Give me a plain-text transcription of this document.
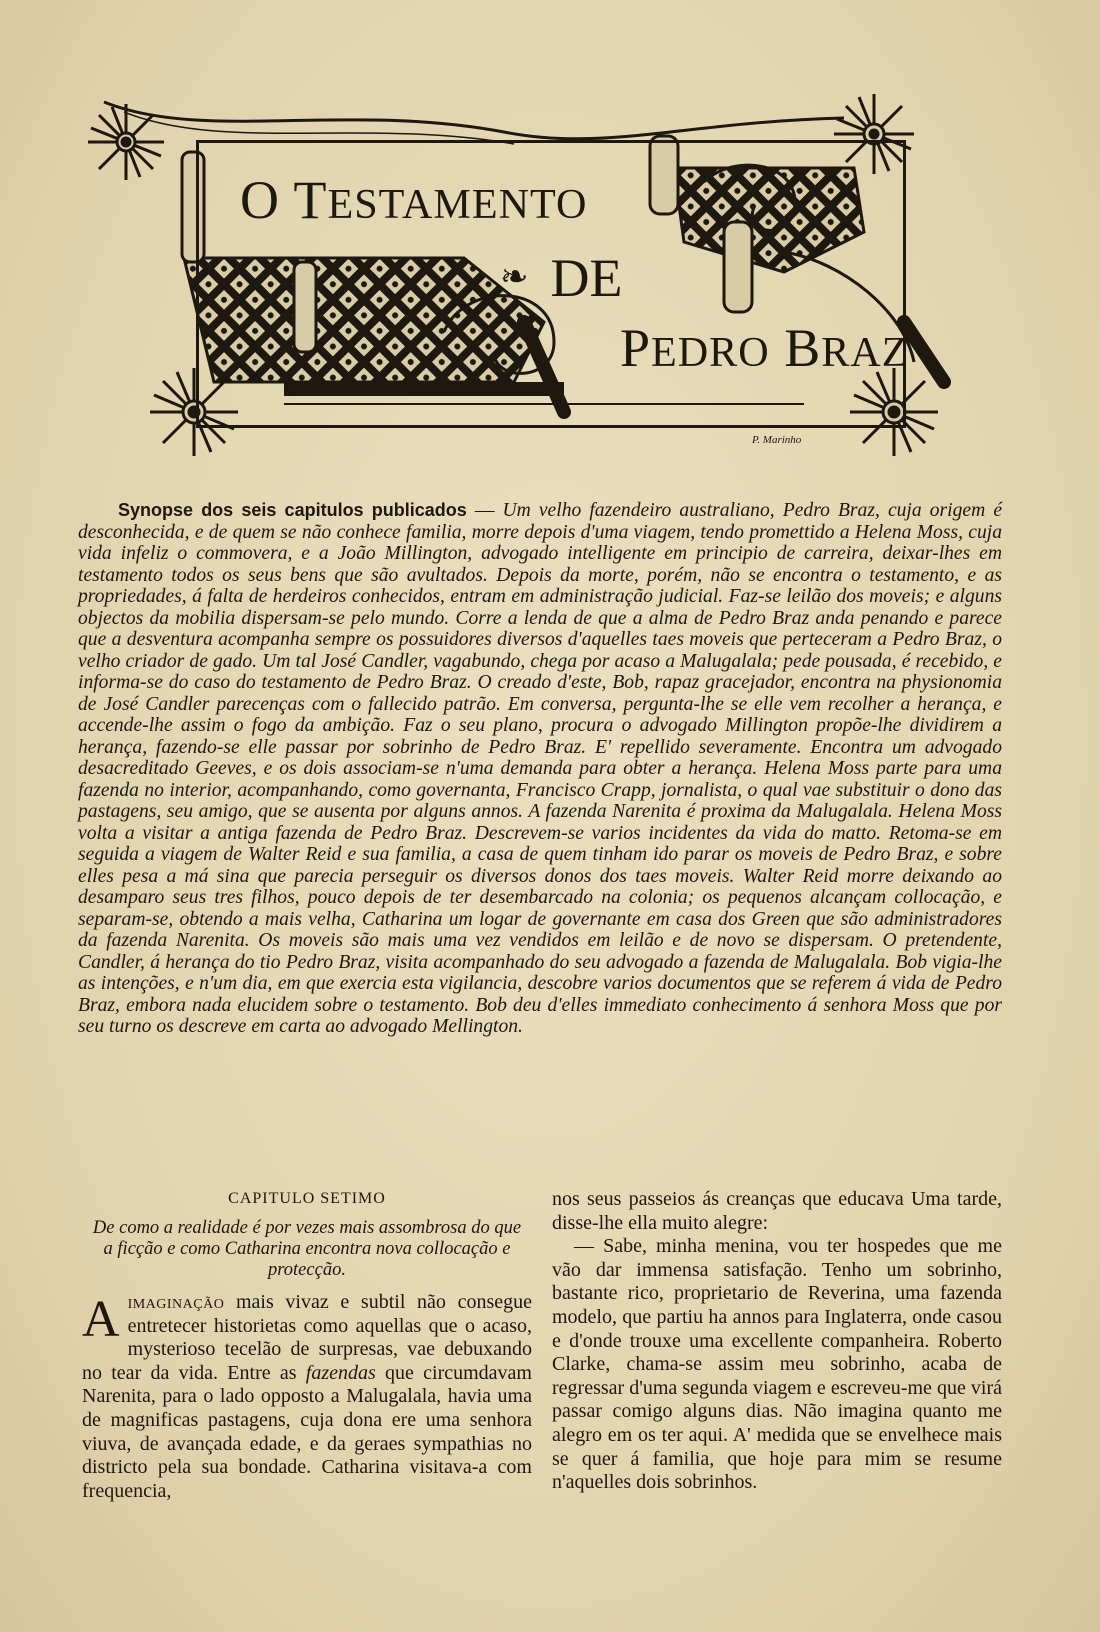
O TESTAMENTO
❧ DE
PEDRO BRAZ
P. Marinho
Synopse dos seis capitulos publicados — Um velho fazendeiro australiano, Pedro Braz, cuja origem é desconhecida, e de quem se não conhece familia, morre depois d'uma viagem, tendo promettido a Helena Moss, cuja vida infeliz o commovera, e a João Millington, advogado intelligente em principio de carreira, deixar-lhes em testamento todos os seus bens que são avultados. Depois da morte, porém, não se encontra o testamento, e as propriedades, á falta de herdeiros conhecidos, entram em administração judicial. Faz-se leilão dos moveis; e alguns objectos da mobilia dispersam-se pelo mundo. Corre a lenda de que a alma de Pedro Braz anda penando e parece que a desventura acompanha sempre os possuidores diversos d'aquelles taes moveis que perteceram a Pedro Braz, o velho criador de gado. Um tal José Candler, vagabundo, chega por acaso a Malugalala; pede pousada, é recebido, e informa-se do caso do testamento de Pedro Braz. O creado d'este, Bob, rapaz gracejador, encontra na physionomia de José Candler parecenças com o fallecido patrão. Em conversa, pergunta-lhe se elle vem recolher a herança, e accende-lhe assim o fogo da ambição. Faz o seu plano, procura o advogado Millington propõe-lhe dividirem a herança, fazendo-se elle passar por sobrinho de Pedro Braz. E' repellido severamente. Encontra um advogado desacreditado Geeves, e os dois associam-se n'uma demanda para obter a herança. Helena Moss parte para uma fazenda no interior, acompanhando, como governanta, Francisco Crapp, jornalista, o qual vae substituir o dono das pastagens, seu amigo, que se ausenta por alguns annos. A fazenda Narenita é proxima da Malugalala. Helena Moss volta a visitar a antiga fazenda de Pedro Braz. Descrevem-se varios incidentes da vida do matto. Retoma-se em seguida a viagem de Walter Reid e sua familia, a casa de quem tinham ido parar os moveis de Pedro Braz, e sobre elles pesa a má sina que parecia perseguir os diversos donos dos taes moveis. Walter Reid morre deixando ao desamparo seus tres filhos, pouco depois de ter desembarcado na colonia; os pequenos alcançam collocação, e separam-se, obtendo a mais velha, Catharina um logar de governante em casa dos Green que são administradores da fazenda Narenita. Os moveis são mais uma vez vendidos em leilão e de novo se dispersam. O pretendente, Candler, á herança do tio Pedro Braz, visita acompanhado do seu advogado a fazenda de Malugalala. Bob vigia-lhe as intenções, e n'um dia, em que exercia esta vigilancia, descobre varios documentos que se referem á vida de Pedro Braz, embora nada elucidem sobre o testamento. Bob deu d'elles immediato conhecimento á senhora Moss que por seu turno os descreve em carta ao advogado Mellington.
CAPITULO SETIMO
De como a realidade é por vezes mais assombrosa do que a ficção e como Catharina encontra nova collocação e protecção.

Aimaginação mais vivaz e subtil não consegue entretecer historietas como aquellas que o acaso, mysterioso tecelão de surpresas, vae debuxando no tear da vida. Entre as fazendas que circumdavam Narenita, para o lado opposto a Malugalala, havia uma de magnificas pastagens, cuja dona ere uma senhora viuva, de avançada edade, e da geraes sympathias no districto pela sua bondade. Catharina visitava-a com frequencia,

nos seus passeios ás creanças que educava Uma tarde, disse-lhe ella muito alegre:

— Sabe, minha menina, vou ter hospedes que me vão dar immensa satisfação. Tenho um sobrinho, bastante rico, proprietario de Reverina, uma fazenda modelo, que partiu ha annos para Inglaterra, onde casou e d'onde trouxe uma excellente companheira. Roberto Clarke, chama-se assim meu sobrinho, acaba de regressar d'uma segunda viagem e escreveu-me que virá passar comigo alguns dias. Não imagina quanto me alegro em os ter aqui. A' medida que se envelhece mais se quer á familia, que hoje para mim se resume n'aquelles dois sobrinhos.
